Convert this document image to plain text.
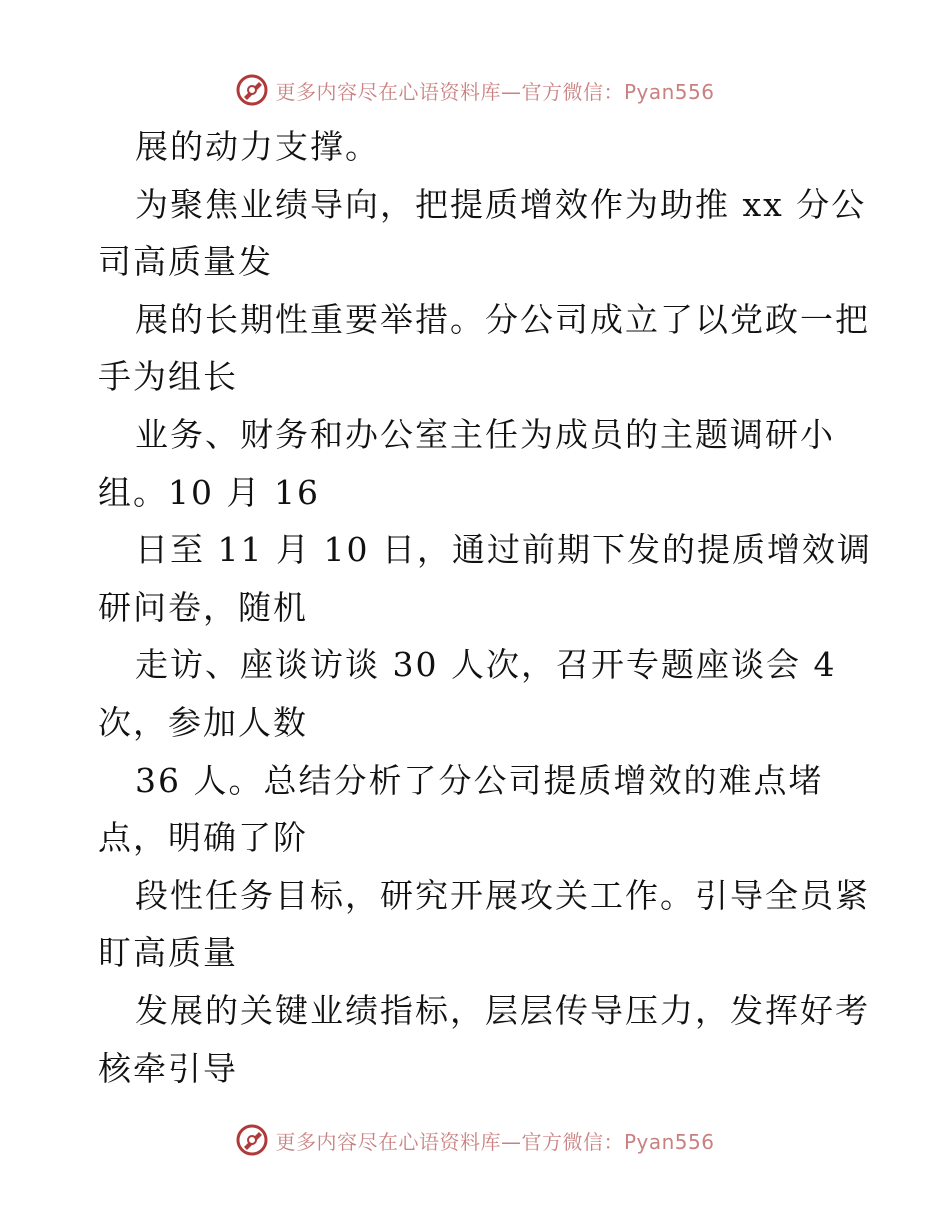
更多内容尽在心语资料库—官方微信：Pyan556

展的动力支撑。

为聚焦业绩导向，把提质增效作为助推 xx 分公

司高质量发

展的长期性重要举措。分公司成立了以党政一把

手为组长

业务、财务和办公室主任为成员的主题调研小

组。10 月 16

日至 11 月 10 日，通过前期下发的提质增效调

研问卷，随机

走访、座谈访谈 30 人次，召开专题座谈会 4

次，参加人数

36 人。总结分析了分公司提质增效的难点堵

点，明确了阶

段性任务目标，研究开展攻关工作。引导全员紧

盯高质量

发展的关键业绩指标，层层传导压力，发挥好考

核牵引导

更多内容尽在心语资料库—官方微信：Pyan556
